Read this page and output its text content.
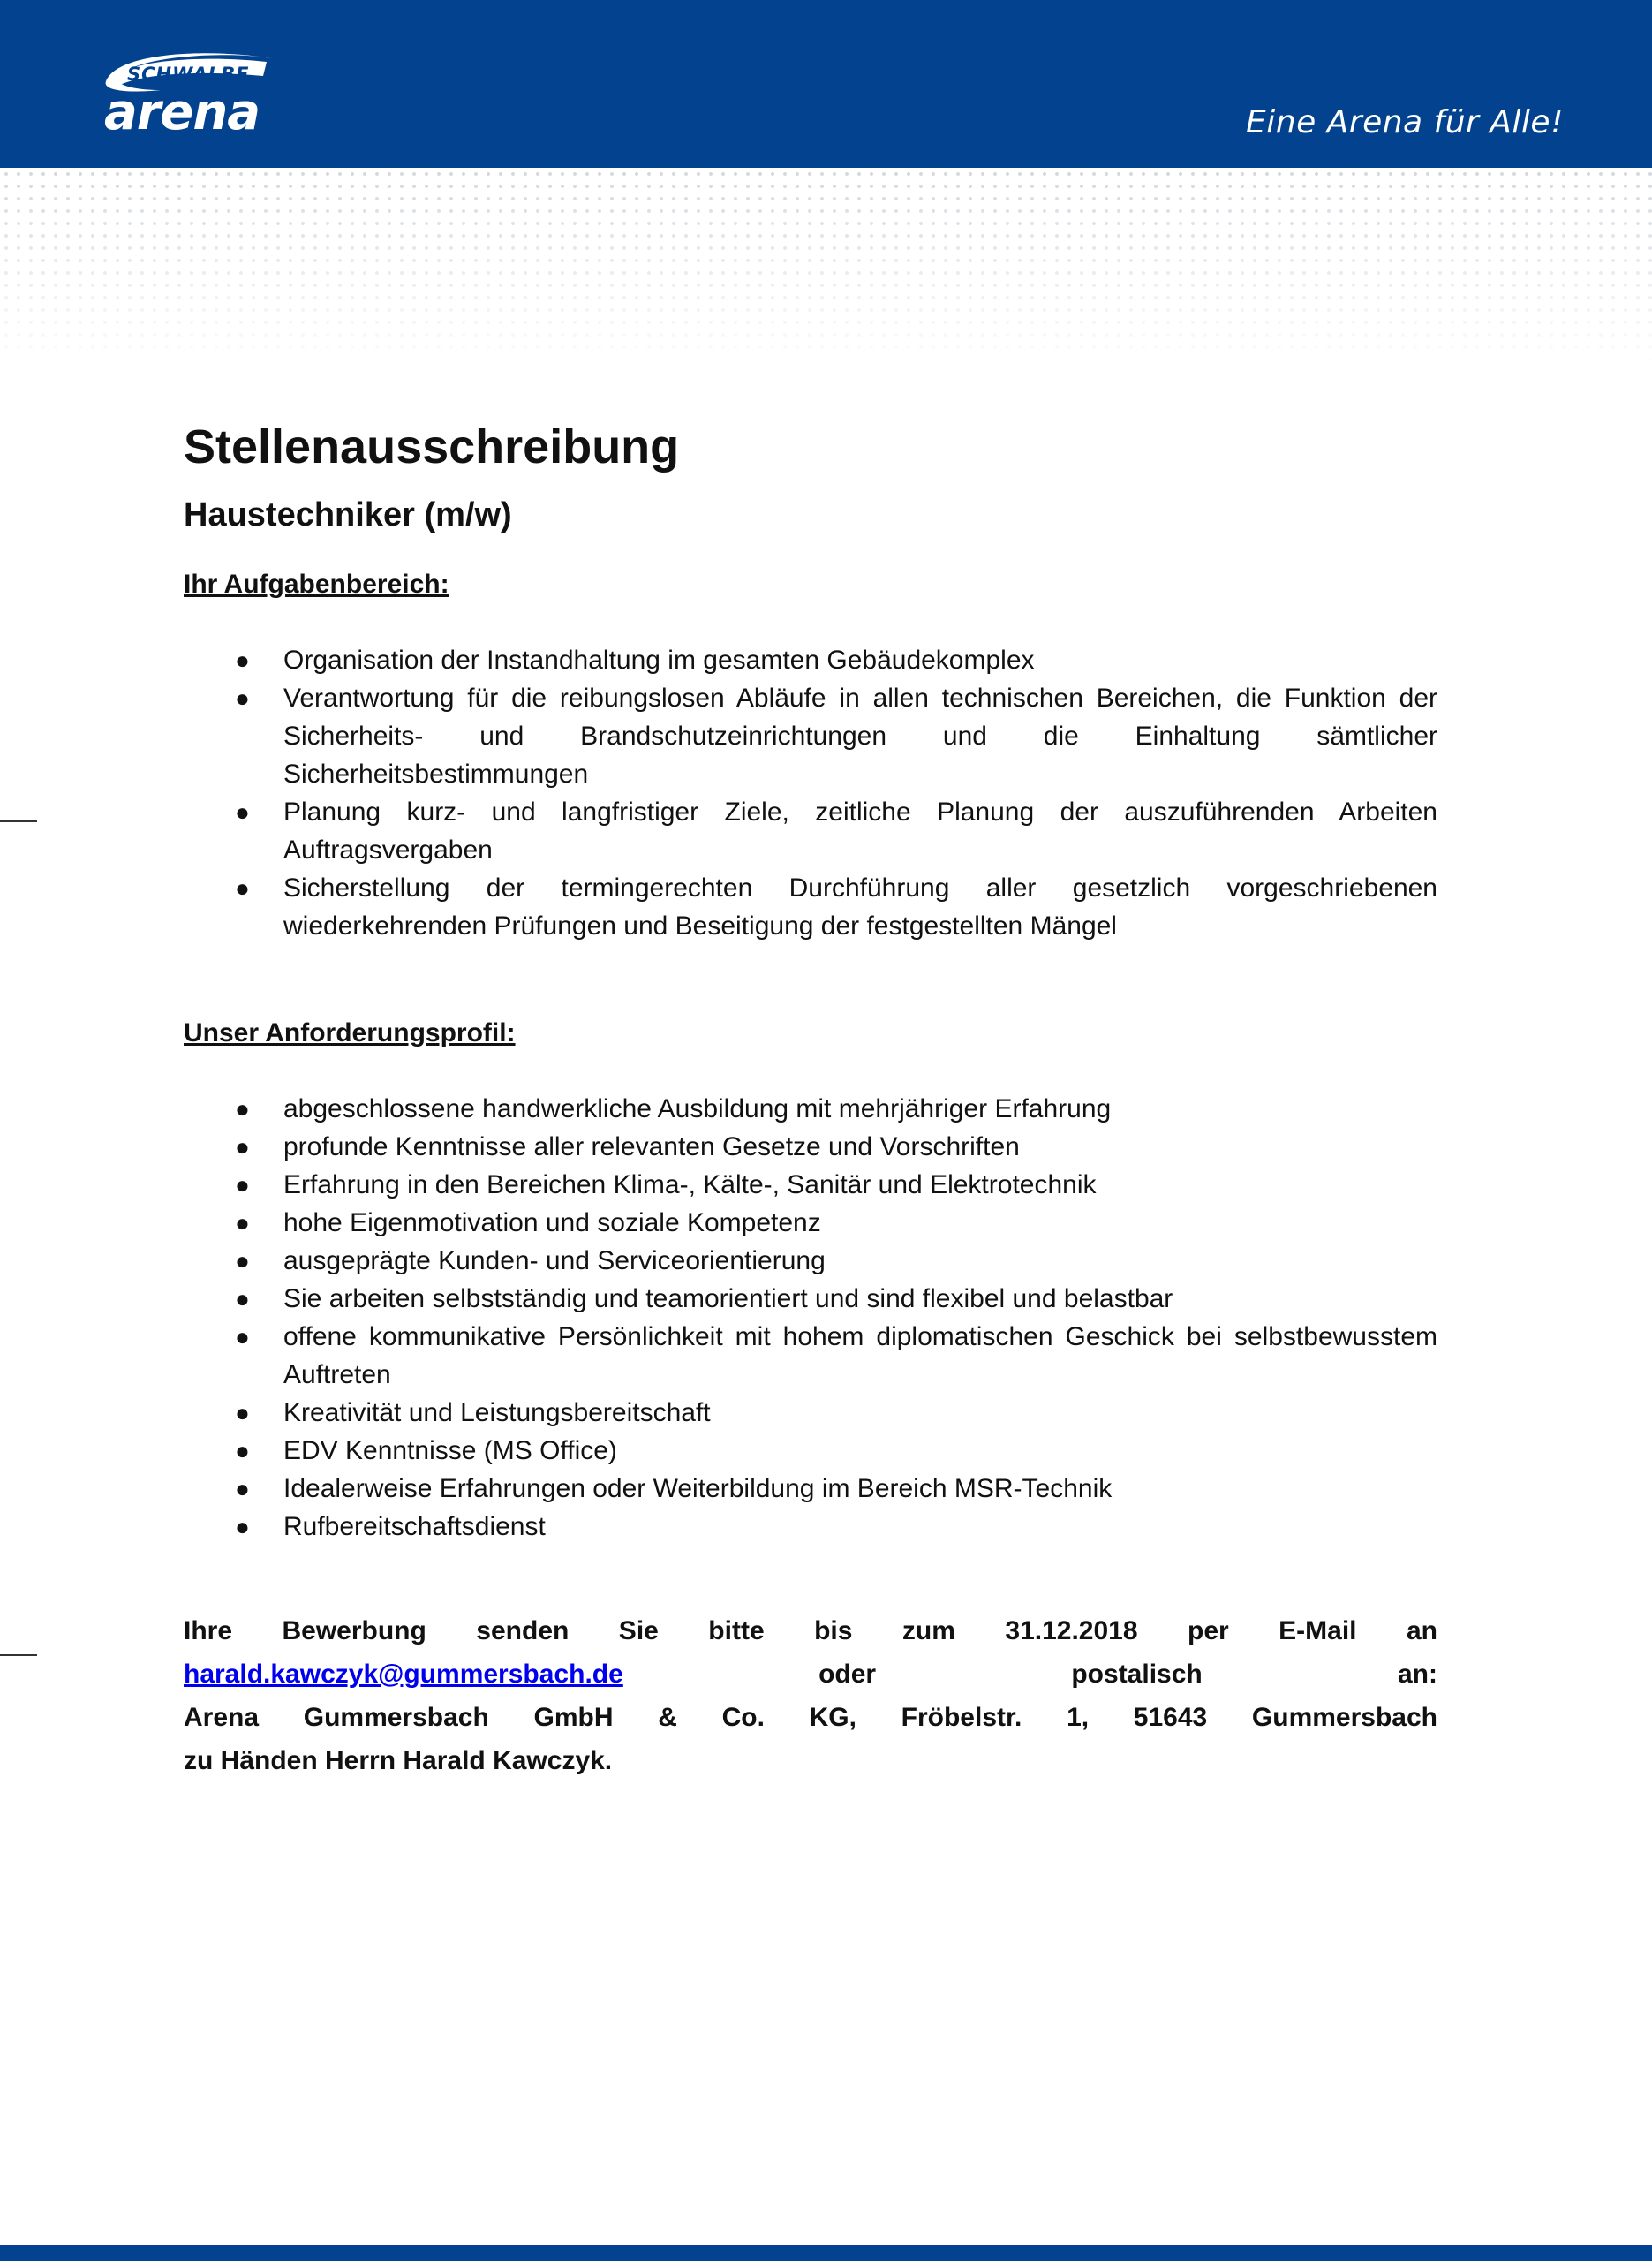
SCHWALBE
arena	Eine Arena für Alle!
Stellenausschreibung
Haustechniker (m/w)
Ihr Aufgabenbereich:
● Organisation der Instandhaltung im gesamten Gebäudekomplex
● Verantwortung für die reibungslosen Abläufe in allen technischen Bereichen, die Funktion der Sicherheits- und Brandschutzeinrichtungen und die Einhaltung sämtlicher Sicherheitsbestimmungen
● Planung kurz- und langfristiger Ziele, zeitliche Planung der auszuführenden Arbeiten Auftragsvergaben
● Sicherstellung der termingerechten Durchführung aller gesetzlich vorgeschriebenen wiederkehrenden Prüfungen und Beseitigung der festgestellten Mängel
Unser Anforderungsprofil:
● abgeschlossene handwerkliche Ausbildung mit mehrjähriger Erfahrung
● profunde Kenntnisse aller relevanten Gesetze und Vorschriften
● Erfahrung in den Bereichen Klima-, Kälte-, Sanitär und Elektrotechnik
● hohe Eigenmotivation und soziale Kompetenz
● ausgeprägte Kunden- und Serviceorientierung
● Sie arbeiten selbstständig und teamorientiert und sind flexibel und belastbar
● offene kommunikative Persönlichkeit mit hohem diplomatischen Geschick bei selbstbewusstem Auftreten
● Kreativität und Leistungsbereitschaft
● EDV Kenntnisse (MS Office)
● Idealerweise Erfahrungen oder Weiterbildung im Bereich MSR-Technik
● Rufbereitschaftsdienst
Ihre Bewerbung senden Sie bitte bis zum 31.12.2018 per E-Mail an
harald.kawczyk@gummersbach.de	oder postalisch an:
Arena Gummersbach GmbH & Co. KG, Fröbelstr. 1, 51643 Gummersbach
zu Händen Herrn Harald Kawczyk.
